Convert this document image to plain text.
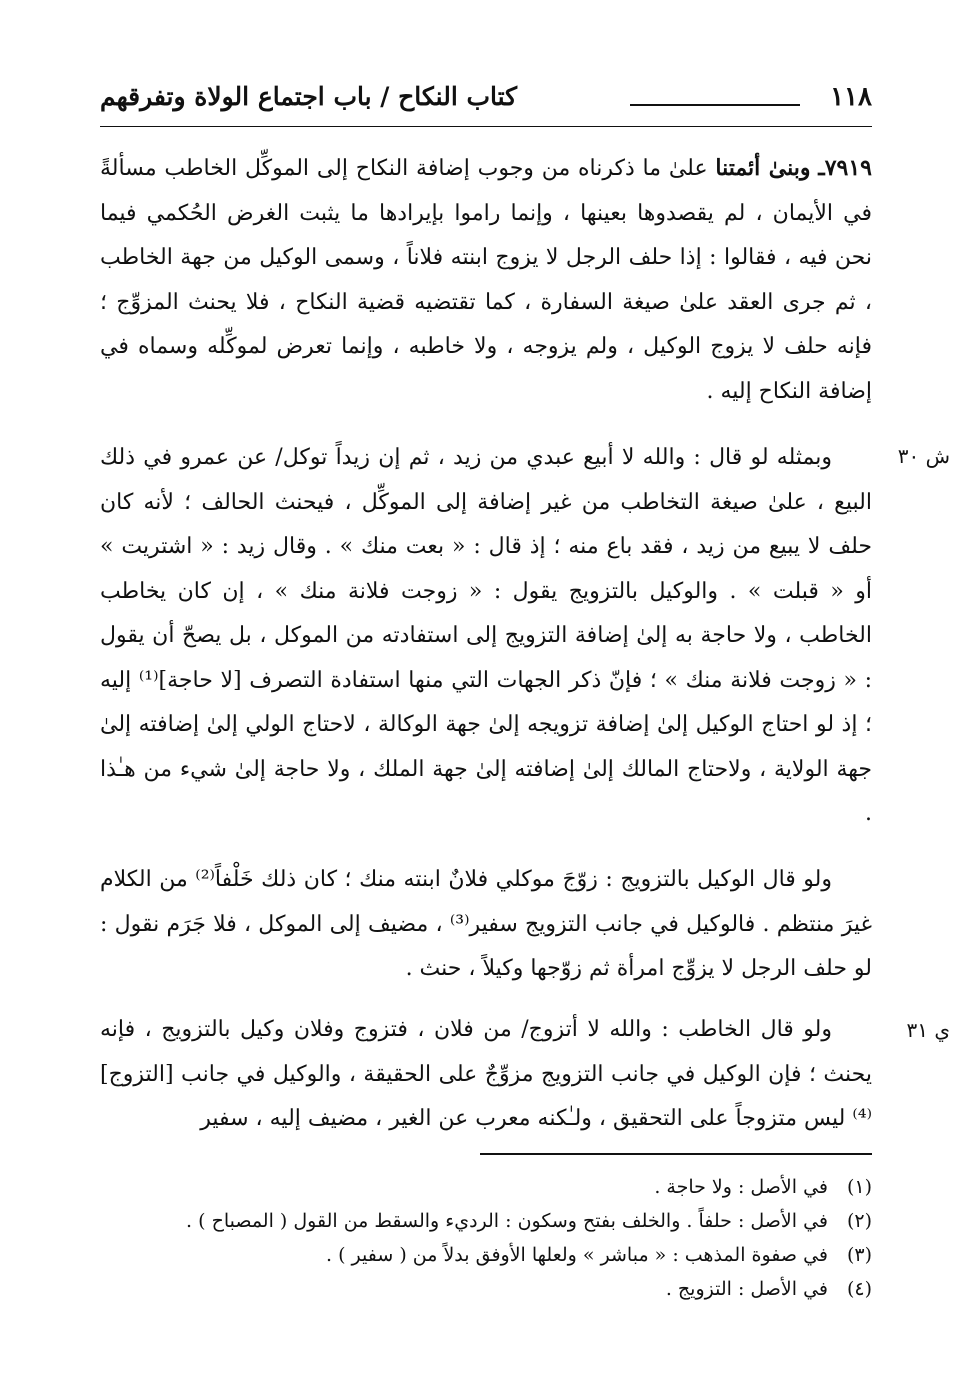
١١٨
كتاب النكاح / باب اجتماع الولاة وتفرقهم
٧٩١٩ـ وبنىٰ أئمتنا علىٰ ما ذكرناه من وجوب إضافة النكاح إلى الموكِّل الخاطب مسألةً في الأيمان ، لم يقصدوها بعينها ، وإنما راموا بإيرادها ما يثبت الغرض الحُكمي فيما نحن فيه ، فقالوا : إذا حلف الرجل لا يزوج ابنته فلاناً ، وسمى الوكيل من جهة الخاطب ، ثم جرى العقد علىٰ صيغة السفارة ، كما تقتضيه قضية النكاح ، فلا يحنث المزوِّج ؛ فإنه حلف لا يزوج الوكيل ، ولم يزوجه ، ولا خاطبه ، وإنما تعرض لموكِّله وسماه في إضافة النكاح إليه .
ش ٣٠
وبمثله لو قال : والله لا أبيع عبدي من زيد ، ثم إن زيداً توكل/ عن عمرو في ذلك البيع ، علىٰ صيغة التخاطب من غير إضافة إلى الموكِّل ، فيحنث الحالف ؛ لأنه كان حلف لا يبيع من زيد ، فقد باع منه ؛ إذ قال : « بعت منك » . وقال زيد : « اشتريت » أو « قبلت » . والوكيل بالتزويج يقول : « زوجت فلانة منك » ، إن كان يخاطب الخاطب ، ولا حاجة به إلىٰ إضافة التزويج إلى استفادته من الموكل ، بل يصحّ أن يقول : « زوجت فلانة منك » ؛ فإنّ ذكر الجهات التي منها استفادة التصرف [لا حاجة]⁽¹⁾ إليه ؛ إذ لو احتاج الوكيل إلىٰ إضافة تزويجه إلىٰ جهة الوكالة ، لاحتاج الولي إلىٰ إضافته إلىٰ جهة الولاية ، ولاحتاج المالك إلىٰ إضافته إلىٰ جهة الملك ، ولا حاجة إلىٰ شيء من هـٰذا .
ولو قال الوكيل بالتزويج : زوّجَ موكلي فلانٌ ابنته منك ؛ كان ذلك خَلْفاً⁽²⁾ من الكلام غيرَ منتظم . فالوكيل في جانب التزويج سفير⁽³⁾ ، مضيف إلى الموكل ، فلا جَرَم نقول : لو حلف الرجل لا يزوِّج امرأة ثم زوّجها وكيلاً ، حنث .
ي ٣١
ولو قال الخاطب : والله لا أتزوج/ من فلان ، فتزوج وفلان وكيل بالتزويج ، فإنه يحنث ؛ فإن الوكيل في جانب التزويج مزوِّجٌ على الحقيقة ، والوكيل في جانب [التزوج]⁽⁴⁾ ليس متزوجاً على التحقيق ، ولـٰكنه معرب عن الغير ، مضيف إليه ، سفير
(١)في الأصل : ولا حاجة .
(٢)في الأصل : حلفاً . والخلف بفتح وسكون : الرديء والسقط من القول ( المصباح ) .
(٣)في صفوة المذهب : « مباشر » ولعلها الأوفق بدلاً من ( سفير ) .
(٤)في الأصل : التزويج .
